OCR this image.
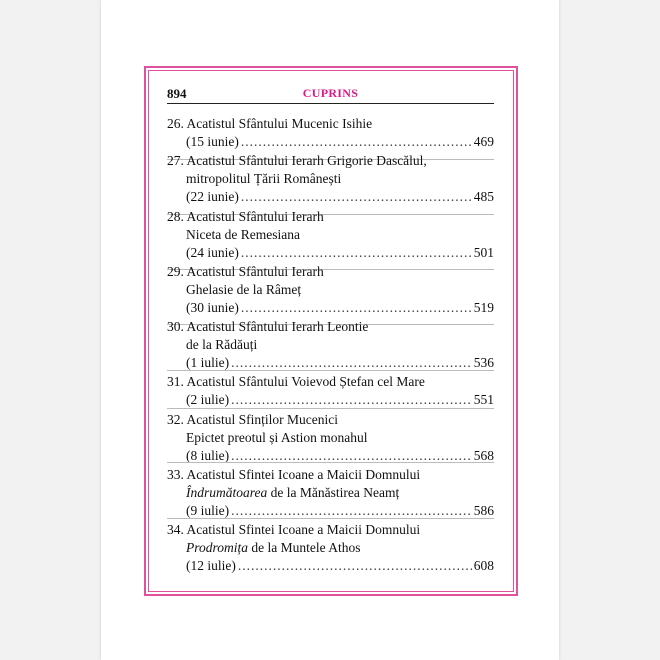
894	CUPRINS
26. Acatistul Sfântului Mucenic Isihie
(15 iunie) .....	469
27. Acatistul Sfântului Ierarh Grigorie Dascălul,
mitropolitul Țării Românești
(22 iunie) .....	485
28. Acatistul Sfântului Ierarh
Niceta de Remesiana
(24 iunie) .....	501
29. Acatistul Sfântului Ierarh
Ghelasie de la Râmeț
(30 iunie) .....	519
30. Acatistul Sfântului Ierarh Leontie
de la Rădăuți
(1 iulie) .....	536
31. Acatistul Sfântului Voievod Ștefan cel Mare
(2 iulie) .....	551
32. Acatistul Sfinților Mucenici
Epictet preotul și Astion monahul
(8 iulie) .....	568
33. Acatistul Sfintei Icoane a Maicii Domnului
Îndrumătoarea de la Mănăstirea Neamț
(9 iulie) .....	586
34. Acatistul Sfintei Icoane a Maicii Domnului
Prodromița de la Muntele Athos
(12 iulie) .....	608
